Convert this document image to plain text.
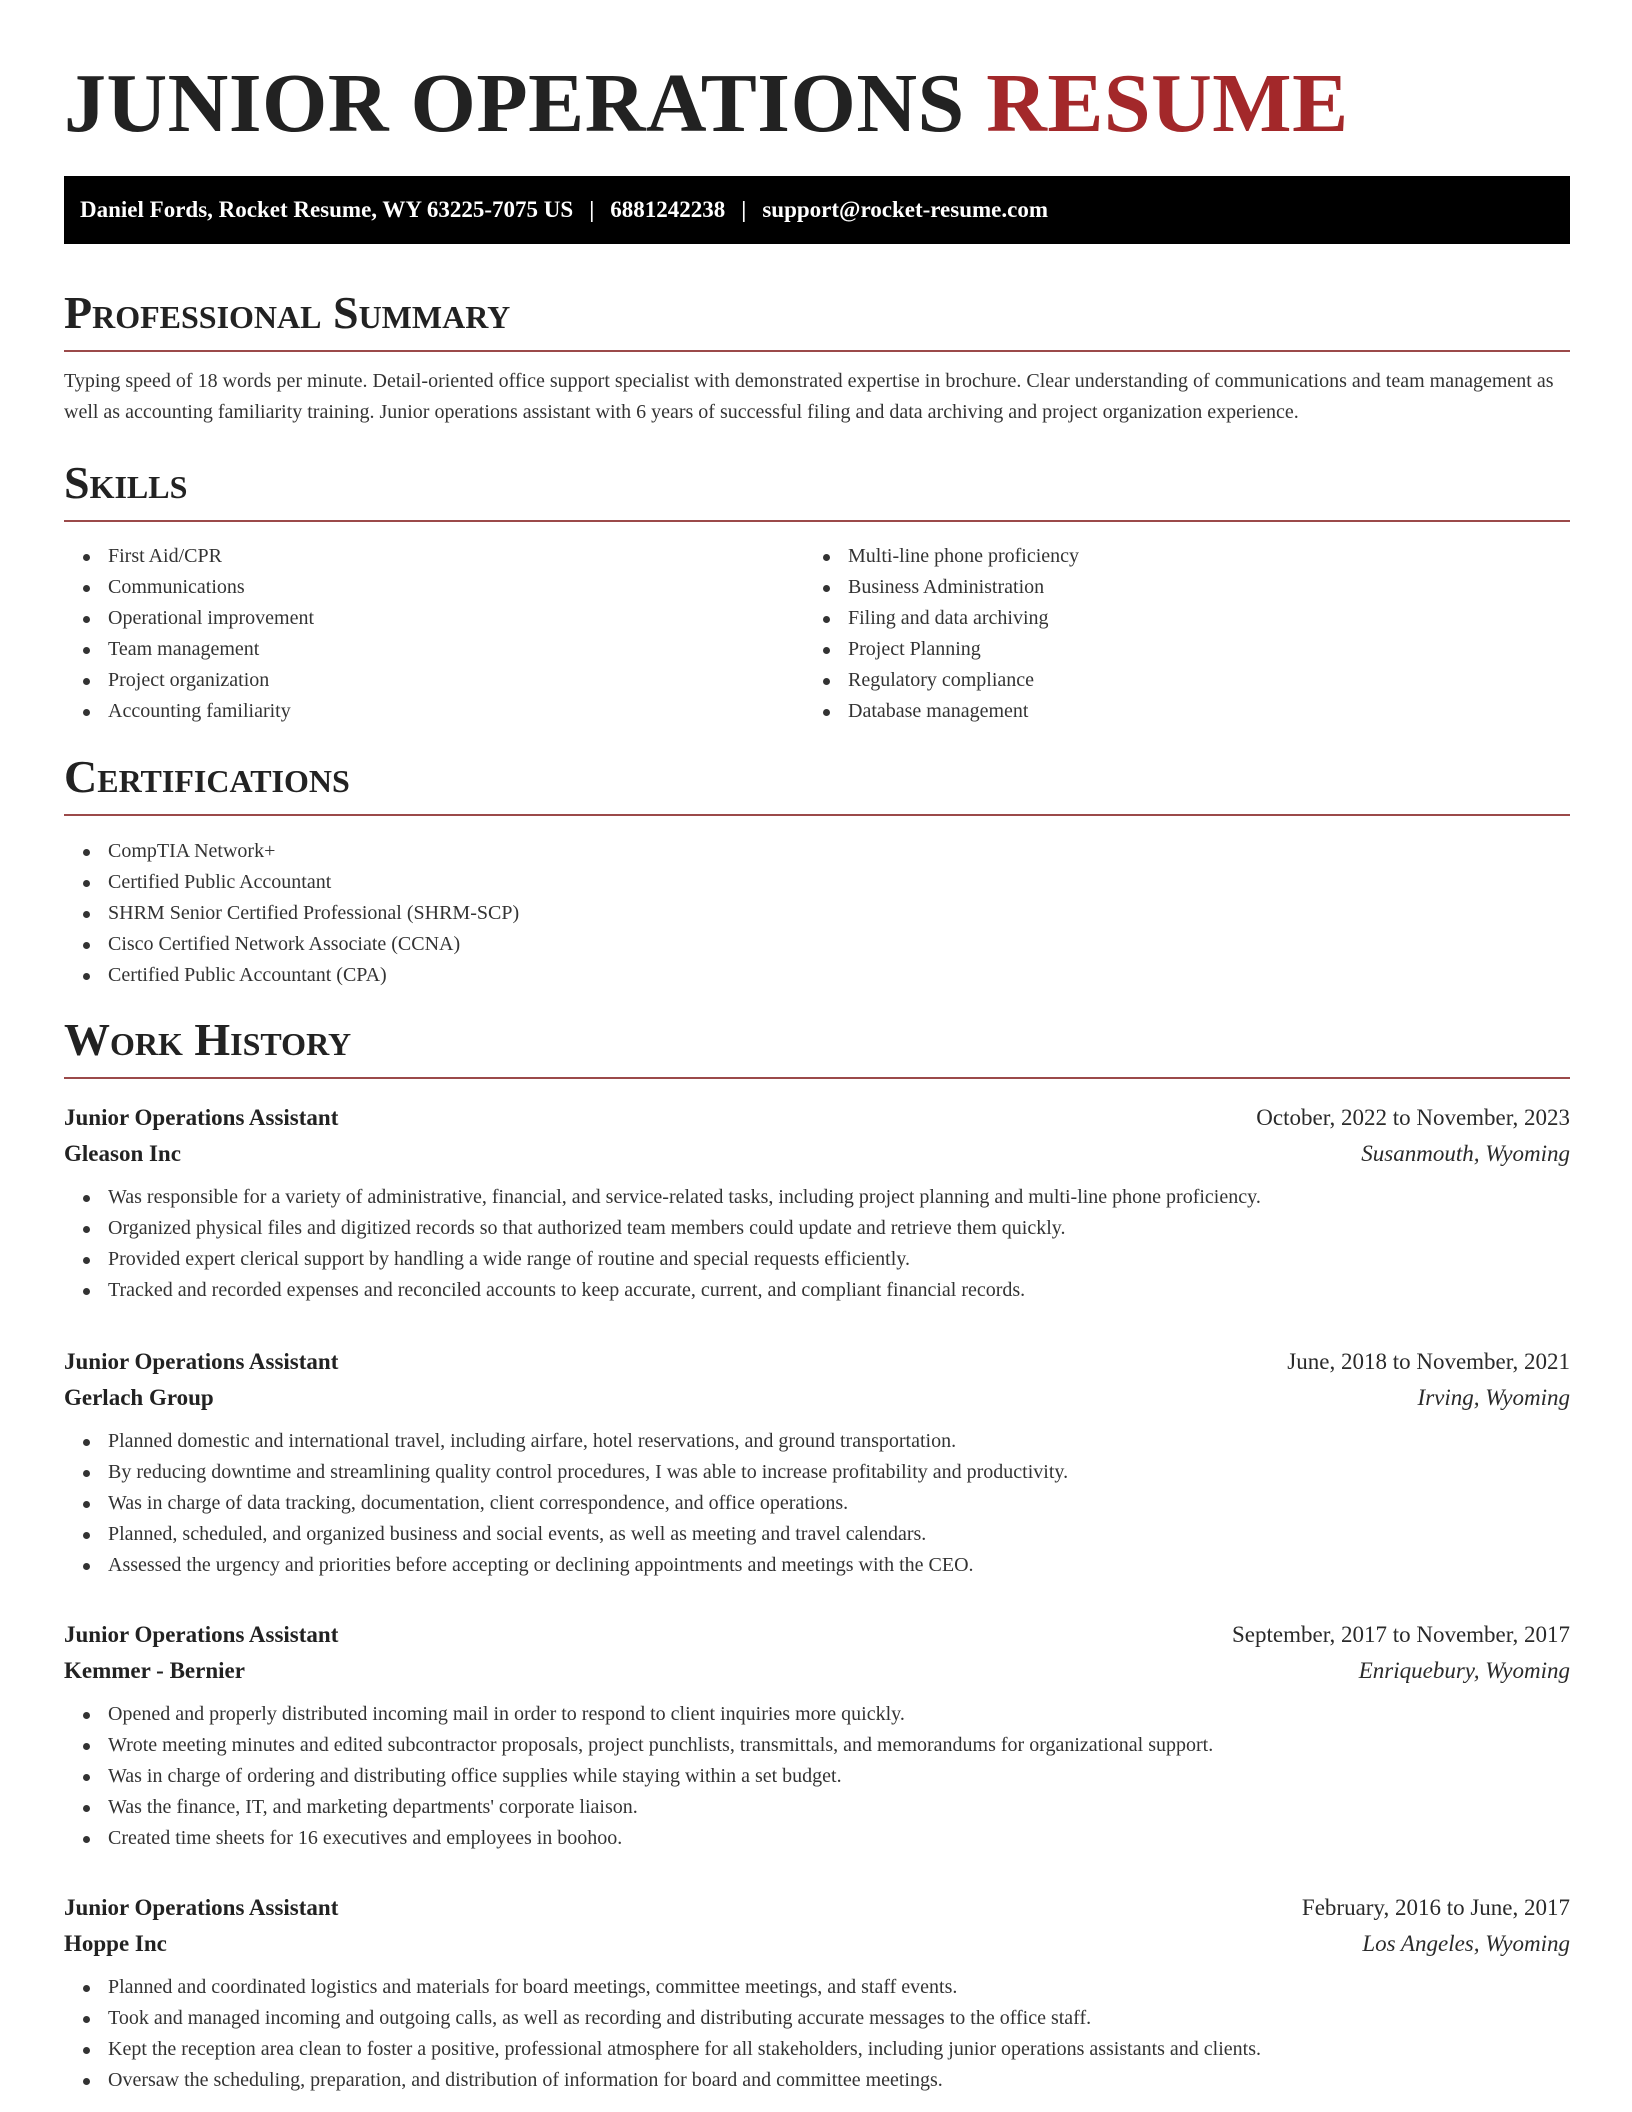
JUNIOR OPERATIONS RESUME
Daniel Fords, Rocket Resume, WY 63225-7075 US | 6881242238 | support@rocket-resume.com
Professional Summary

Typing speed of 18 words per minute. Detail-oriented office support specialist with demonstrated expertise in brochure. Clear understanding of communications and team management as well as accounting familiarity training. Junior operations assistant with 6 years of successful filing and data archiving and project organization experience.

Skills
First Aid/CPR
Communications
Operational improvement
Team management
Project organization
Accounting familiarity
Multi-line phone proficiency
Business Administration
Filing and data archiving
Project Planning
Regulatory compliance
Database management
Certifications
CompTIA Network+
Certified Public Accountant
SHRM Senior Certified Professional (SHRM-SCP)
Cisco Certified Network Associate (CCNA)
Certified Public Accountant (CPA)
Work History
Junior Operations Assistant	October, 2022 to November, 2023
Gleason Inc	Susanmouth, Wyoming
Was responsible for a variety of administrative, financial, and service-related tasks, including project planning and multi-line phone proficiency.
Organized physical files and digitized records so that authorized team members could update and retrieve them quickly.
Provided expert clerical support by handling a wide range of routine and special requests efficiently.
Tracked and recorded expenses and reconciled accounts to keep accurate, current, and compliant financial records.
Junior Operations Assistant	June, 2018 to November, 2021
Gerlach Group	Irving, Wyoming
Planned domestic and international travel, including airfare, hotel reservations, and ground transportation.
By reducing downtime and streamlining quality control procedures, I was able to increase profitability and productivity.
Was in charge of data tracking, documentation, client correspondence, and office operations.
Planned, scheduled, and organized business and social events, as well as meeting and travel calendars.
Assessed the urgency and priorities before accepting or declining appointments and meetings with the CEO.
Junior Operations Assistant	September, 2017 to November, 2017
Kemmer - Bernier	Enriquebury, Wyoming
Opened and properly distributed incoming mail in order to respond to client inquiries more quickly.
Wrote meeting minutes and edited subcontractor proposals, project punchlists, transmittals, and memorandums for organizational support.
Was in charge of ordering and distributing office supplies while staying within a set budget.
Was the finance, IT, and marketing departments' corporate liaison.
Created time sheets for 16 executives and employees in boohoo.
Junior Operations Assistant	February, 2016 to June, 2017
Hoppe Inc	Los Angeles, Wyoming
Planned and coordinated logistics and materials for board meetings, committee meetings, and staff events.
Took and managed incoming and outgoing calls, as well as recording and distributing accurate messages to the office staff.
Kept the reception area clean to foster a positive, professional atmosphere for all stakeholders, including junior operations assistants and clients.
Oversaw the scheduling, preparation, and distribution of information for board and committee meetings.
